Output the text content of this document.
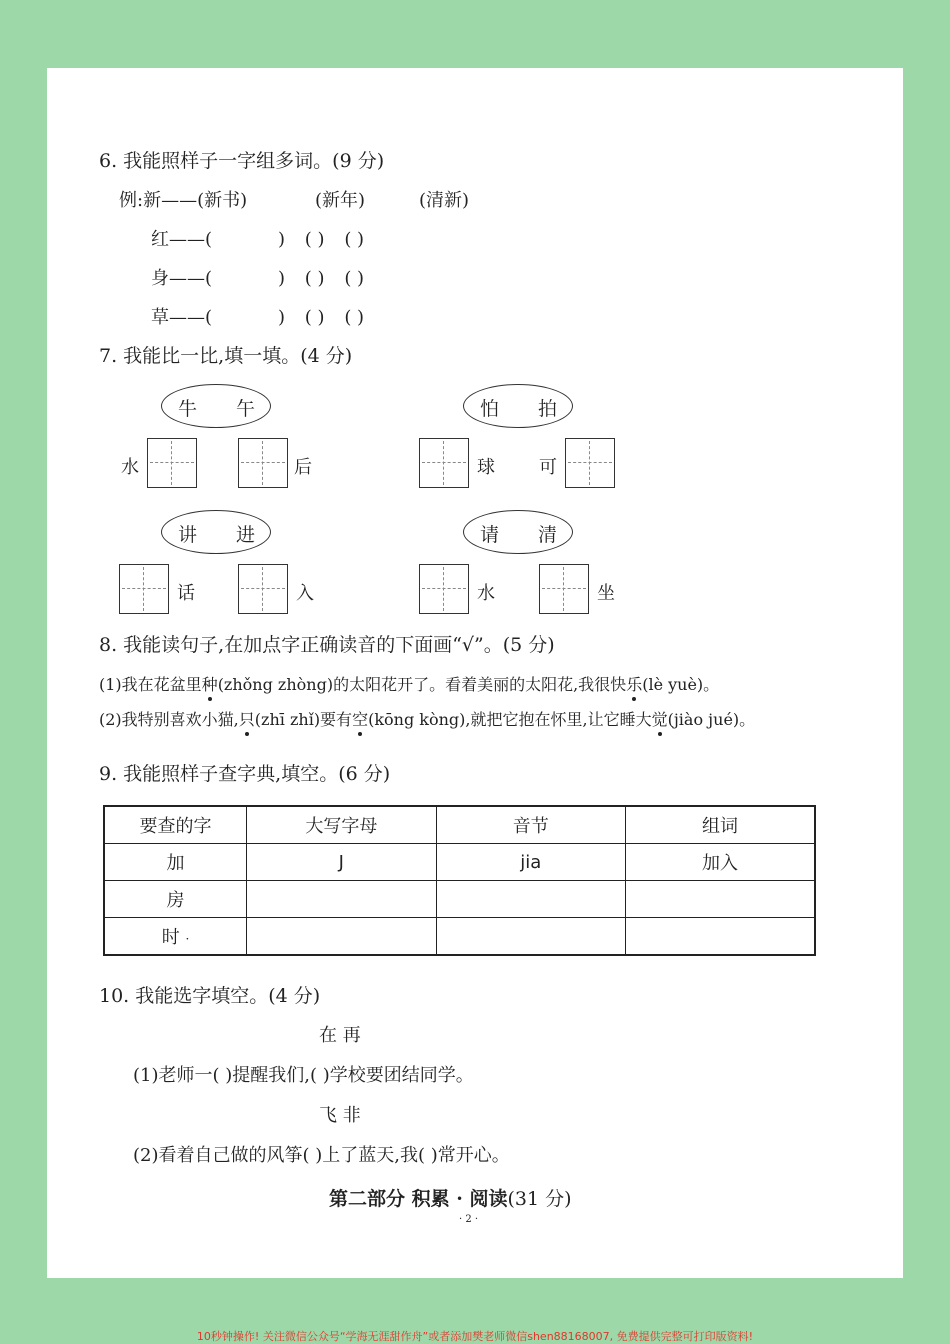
6. 我能照样子一字组多词。(9 分)
例:新——(新书)	(新年)	(清新)
红——(	) ( ) ( )
身——(	) ( ) ( )
草——(	) ( ) ( )
7. 我能比一比,填一填。(4 分)
牛 午
水	后
怕 拍
球 可
讲 进
话	入
请 清
水	坐
8. 我能读句子,在加点字正确读音的下面画“√”。(5 分)
(1)我在花盆里种(zhǒng zhòng)的太阳花开了。看着美丽的太阳花,我很快乐(lè yuè)。
(2)我特别喜欢小猫,只(zhī zhǐ)要有空(kōng kòng),就把它抱在怀里,让它睡大觉(jiào jué)。
9. 我能照样子查字典,填空。(6 分)
要查的字	大写字母	音节	组词
加	J	jia	加入
房			
时 ·			
10. 我能选字填空。(4 分)
在 再
(1)老师一( )提醒我们,( )学校要团结同学。
飞 非
(2)看着自己做的风筝( )上了蓝天,我( )常开心。
第二部分 积累 · 阅读(31 分)
· 2 ·
10秒钟操作! 关注微信公众号“学海无涯甜作舟”或者添加樊老师微信shen88168007, 免费提供完整可打印版资料!
